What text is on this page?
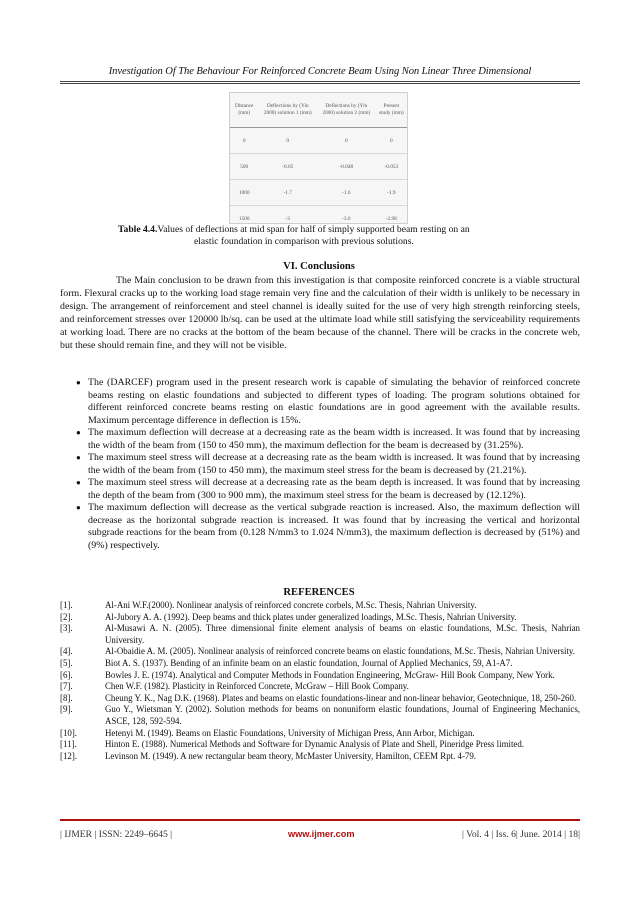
Investigation Of The Behaviour For Reinforced Concrete Beam Using Non Linear Three Dimensional
Distance (mm)	Deflections by (Yin 2000) solution 1 (mm)	Deflections by (Yin 2000) solution 2 (mm)	Present study (mm)
0	0	0	0
500	-0.05	-0.048	-0.053
1000	-1.7	-1.6	-1.9
1500	-3	-3.6	-2.98
Table 4.4.Values of deflections at mid span for half of simply supported beam resting on an
elastic foundation in comparison with previous solutions.
VI. Conclusions
The Main conclusion to be drawn from this investigation is that composite reinforced concrete is a viable structural form. Flexural cracks up to the working load stage remain very fine and the calculation of their width is unlikely to be necessary in design. The arrangement of reinforcement and steel channel is ideally suited for the use of very high strength reinforcing steels, and reinforcement stresses over 120000 lb/sq. can be used at the ultimate load while still satisfying the serviceability requirements at working load. There are no cracks at the bottom of the beam because of the channel. There will be cracks in the concrete web, but these should remain fine, and they will not be visible.
● The (DARCEF) program used in the present research work is capable of simulating the behavior of reinforced concrete beams resting on elastic foundations and subjected to different types of loading. The program solutions obtained for different reinforced concrete beams resting on elastic foundations are in good agreement with the available results. Maximum percentage difference in deflection is 15%.
● The maximum deflection will decrease at a decreasing rate as the beam width is increased. It was found that by increasing the width of the beam from (150 to 450 mm), the maximum deflection for the beam is decreased by (31.25%).
● The maximum steel stress will decrease at a decreasing rate as the beam width is increased. It was found that by increasing the width of the beam from (150 to 450 mm), the maximum steel stress for the beam is decreased by (21.21%).
● The maximum steel stress will decrease at a decreasing rate as the beam depth is increased. It was found that by increasing the depth of the beam from (300 to 900 mm), the maximum steel stress for the beam is decreased by (12.12%).
● The maximum deflection will decrease as the vertical subgrade reaction is increased. Also, the maximum deflection will decrease as the horizontal subgrade reaction is increased. It was found that by increasing the vertical and horizontal subgrade reactions for the beam from (0.128 N/mm3 to 1.024 N/mm3), the maximum deflection is decreased by (51%) and (9%) respectively.
REFERENCES
[1].	Al-Ani W.F.(2000). Nonlinear analysis of reinforced concrete corbels, M.Sc. Thesis, Nahrian University.
[2].	Al-Jubory A. A. (1992). Deep beams and thick plates under generalized loadings, M.Sc. Thesis, Nahrian University.
[3].	Al-Musawi A. N. (2005). Three dimensional finite element analysis of beams on elastic foundations, M.Sc. Thesis, Nahrian University.
[4].	Al-Obaidie A. M. (2005). Nonlinear analysis of reinforced concrete beams on elastic foundations, M.Sc. Thesis, Nahrian University.
[5].	Biot A. S. (1937). Bending of an infinite beam on an elastic foundation, Journal of Applied Mechanics, 59, A1-A7.
[6].	Bowles J. E. (1974). Analytical and Computer Methods in Foundation Engineering, McGraw- Hill Book Company, New York.
[7].	Chen W.F. (1982). Plasticity in Reinforced Concrete, McGraw – Hill Book Company.
[8].	Cheung Y. K., Nag D.K. (1968). Plates and beams on elastic foundations-linear and non-linear behavior, Geotechnique, 18, 250-260.
[9].	Guo Y., Wietsman Y. (2002). Solution methods for beams on nonuniform elastic foundations, Journal of Engineering Mechanics, ASCE, 128, 592-594.
[10].	Hetenyi M. (1949). Beams on Elastic Foundations, University of Michigan Press, Ann Arbor, Michigan.
[11].	Hinton E. (1988). Numerical Methods and Software for Dynamic Analysis of Plate and Shell, Pineridge Press limited.
[12].	Levinson M. (1949). A new rectangular beam theory, McMaster University, Hamilton, CEEM Rpt. 4-79.
| IJMER | ISSN: 2249–6645 |	www.ijmer.com	| Vol. 4 | Iss. 6| June. 2014 | 18|
